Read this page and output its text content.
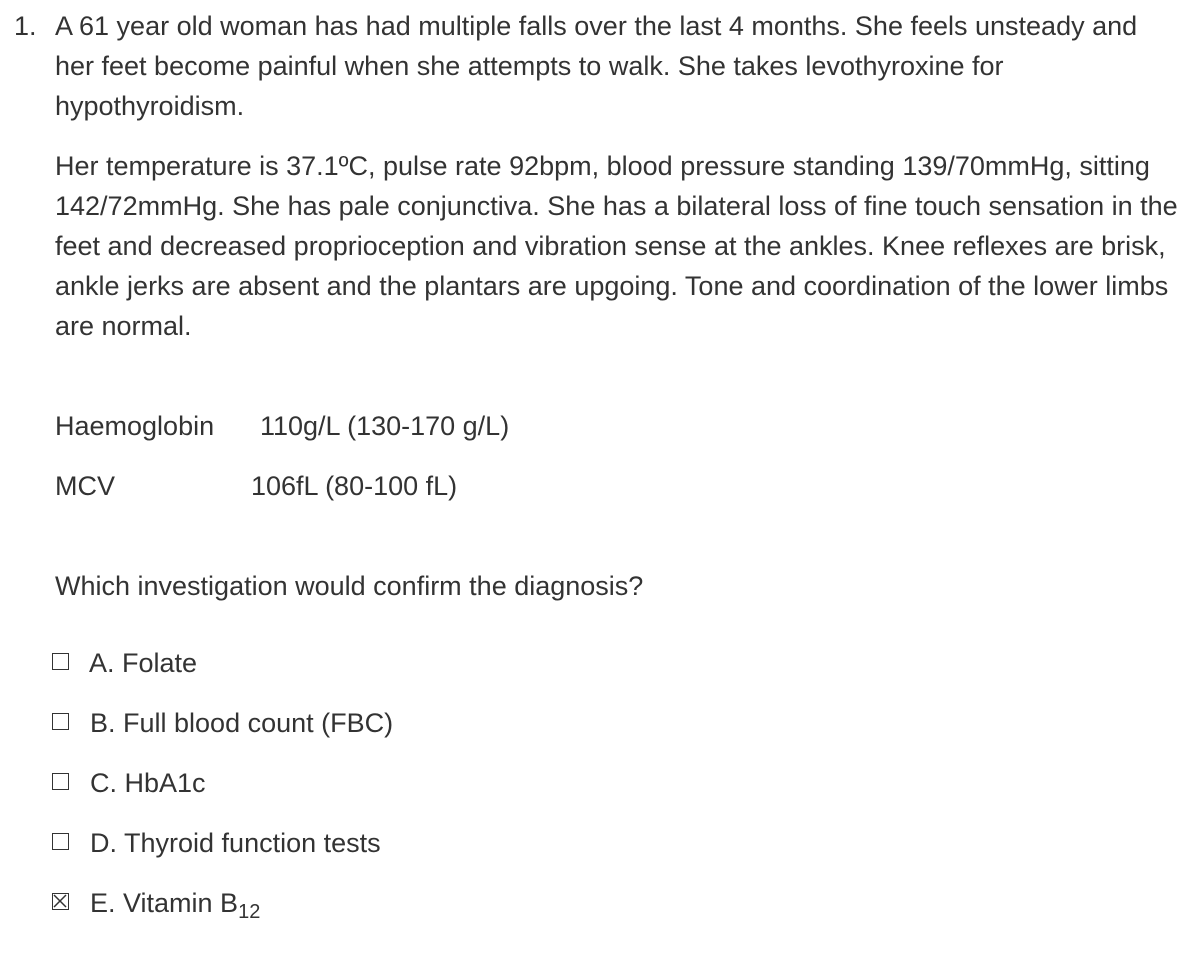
1. A 61 year old woman has had multiple falls over the last 4 months. She feels unsteady and her feet become painful when she attempts to walk. She takes levothyroxine for hypothyroidism.
Her temperature is 37.1ºC, pulse rate 92bpm, blood pressure standing 139/70mmHg, sitting 142/72mmHg. She has pale conjunctiva. She has a bilateral loss of fine touch sensation in the feet and decreased proprioception and vibration sense at the ankles. Knee reflexes are brisk, ankle jerks are absent and the plantars are upgoing. Tone and coordination of the lower limbs are normal.
Haemoglobin 110g/L (130-170 g/L)
MCV	106fL (80-100 fL)
Which investigation would confirm the diagnosis?
A. Folate
B. Full blood count (FBC)
C. HbA1c
D. Thyroid function tests
E. Vitamin $B_{12}$
